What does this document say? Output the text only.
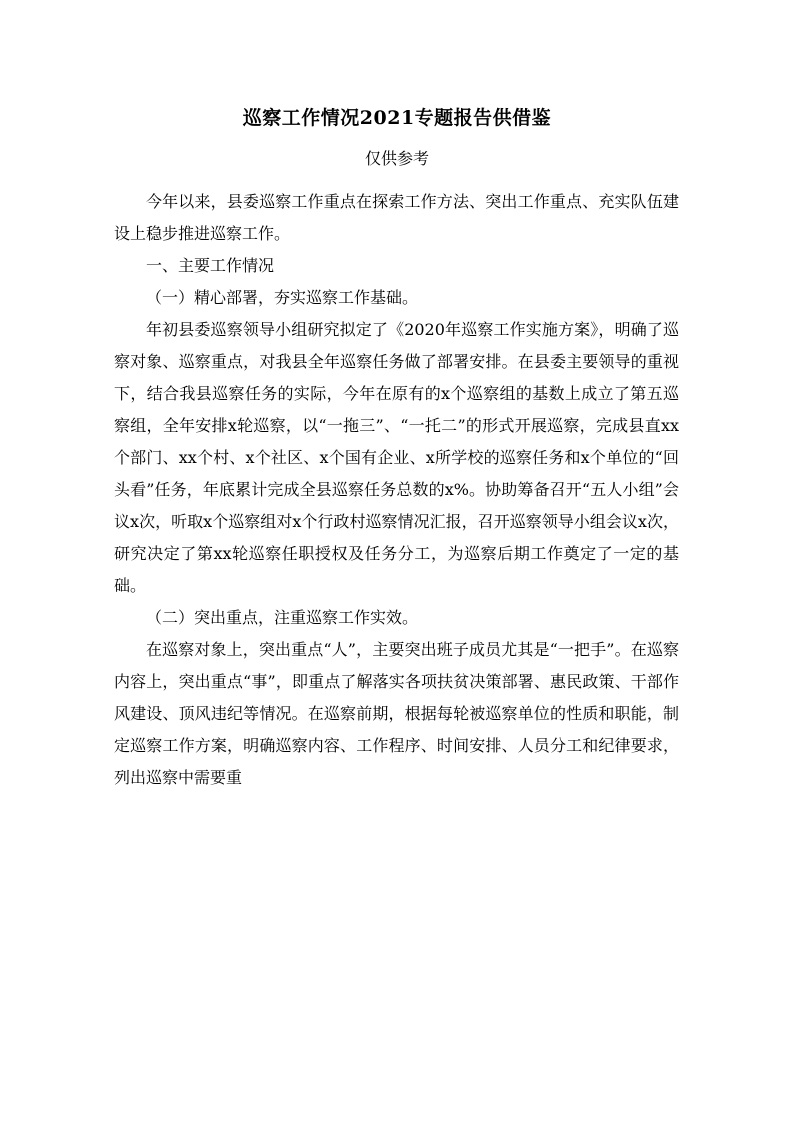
巡察工作情况2021专题报告供借鉴
仅供参考

今年以来，县委巡察工作重点在探索工作方法、突出工作重点、充实队伍建设上稳步推进巡察工作。

一、主要工作情况

（一）精心部署，夯实巡察工作基础。

年初县委巡察领导小组研究拟定了《2020年巡察工作实施方案》，明确了巡察对象、巡察重点，对我县全年巡察任务做了部署安排。在县委主要领导的重视下，结合我县巡察任务的实际，今年在原有的x个巡察组的基数上成立了第五巡察组，全年安排x轮巡察，以“一拖三”、“一托二”的形式开展巡察，完成县直xx个部门、xx个村、x个社区、x个国有企业、x所学校的巡察任务和x个单位的“回头看”任务，年底累计完成全县巡察任务总数的x%。协助筹备召开“五人小组”会议x次，听取x个巡察组对x个行政村巡察情况汇报，召开巡察领导小组会议x次，研究决定了第xx轮巡察任职授权及任务分工，为巡察后期工作奠定了一定的基础。

（二）突出重点，注重巡察工作实效。

在巡察对象上，突出重点“人”，主要突出班子成员尤其是“一把手”。在巡察内容上，突出重点“事”，即重点了解落实各项扶贫决策部署、惠民政策、干部作风建设、顶风违纪等情况。在巡察前期，根据每轮被巡察单位的性质和职能，制定巡察工作方案，明确巡察内容、工作程序、时间安排、人员分工和纪律要求，列出巡察中需要重
